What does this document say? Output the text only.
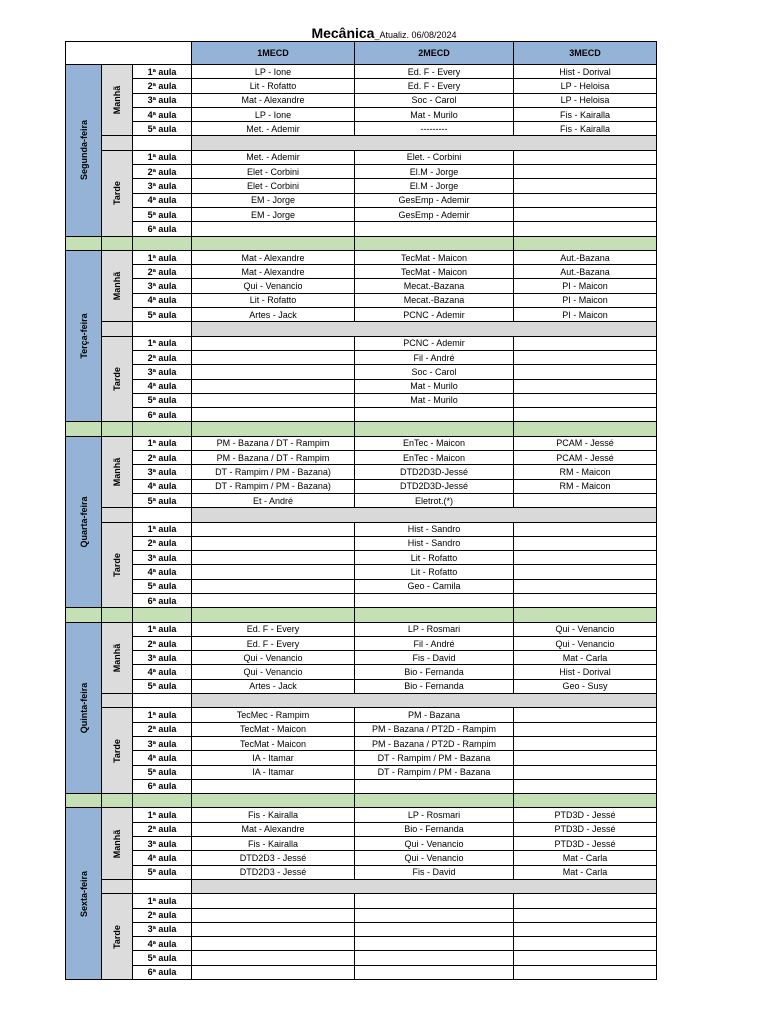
Mecânica_Atualiz. 06/08/2024
			1MECD	2MECD	3MECD

Segunda-feira	Manhã	1ª aula	LP - Ione	Ed. F - Every	Hist - Dorival
		2ª aula	Lit - Rofatto	Ed. F - Every	LP - Heloisa
		3ª aula	Mat - Alexandre	Soc - Carol	LP - Heloisa
		4ª aula	LP - Ione	Mat - Murilo	Fis - Kairalla
		5ª aula	Met. - Ademir	---------	Fis - Kairalla

	Tarde	1ª aula	Met. - Ademir	Elet. - Corbini	
		2ª aula	Elet - Corbini	El.M - Jorge	
		3ª aula	Elet - Corbini	El.M - Jorge	
		4ª aula	EM - Jorge	GesEmp - Ademir	
		5ª aula	EM - Jorge	GesEmp - Ademir	
		6ª aula			

Terça-feira	Manhã	1ª aula	Mat - Alexandre	TecMat - Maicon	Aut.-Bazana
		2ª aula	Mat - Alexandre	TecMat - Maicon	Aut.-Bazana
		3ª aula	Qui - Venancio	Mecat.-Bazana	PI - Maicon
		4ª aula	Lit - Rofatto	Mecat.-Bazana	PI - Maicon
		5ª aula	Artes - Jack	PCNC - Ademir	PI - Maicon

	Tarde	1ª aula		PCNC - Ademir	
		2ª aula		Fil - André	
		3ª aula		Soc - Carol	
		4ª aula		Mat - Murilo	
		5ª aula		Mat - Murilo	
		6ª aula			

Quarta-feira	Manhã	1ª aula	PM - Bazana / DT - Rampim	EnTec - Maicon	PCAM - Jessé
		2ª aula	PM - Bazana / DT - Rampim	EnTec - Maicon	PCAM - Jessé
		3ª aula	DT - Rampim / PM - Bazana)	DTD2D3D-Jessé	RM - Maicon
		4ª aula	DT - Rampim / PM - Bazana)	DTD2D3D-Jessé	RM - Maicon
		5ª aula	Et - André	Eletrot.(*)	

	Tarde	1ª aula		Hist - Sandro	
		2ª aula		Hist - Sandro	
		3ª aula		Lit - Rofatto	
		4ª aula		Lit - Rofatto	
		5ª aula		Geo - Camila	
		6ª aula			

Quinta-feira	Manhã	1ª aula	Ed. F - Every	LP - Rosmari	Qui - Venancio
		2ª aula	Ed. F - Every	Fil - André	Qui - Venancio
		3ª aula	Qui - Venancio	Fis - David	Mat - Carla
		4ª aula	Qui - Venancio	Bio - Fernanda	Hist - Dorival
		5ª aula	Artes - Jack	Bio - Fernanda	Geo - Susy

	Tarde	1ª aula	TecMec - Rampim	PM - Bazana	
		2ª aula	TecMat - Maicon	PM - Bazana / PT2D - Rampim	
		3ª aula	TecMat - Maicon	PM - Bazana / PT2D - Rampim	
		4ª aula	IA - Itamar	DT - Rampim / PM - Bazana	
		5ª aula	IA - Itamar	DT - Rampim / PM - Bazana	
		6ª aula			

Sexta-feira	Manhã	1ª aula	Fis - Kairalla	LP - Rosmari	PTD3D - Jessé
		2ª aula	Mat - Alexandre	Bio - Fernanda	PTD3D - Jessé
		3ª aula	Fis - Kairalla	Qui - Venancio	PTD3D - Jessé
		4ª aula	DTD2D3 - Jessé	Qui - Venancio	Mat - Carla
		5ª aula	DTD2D3 - Jessé	Fis - David	Mat - Carla

	Tarde	1ª aula			
		2ª aula			
		3ª aula			
		4ª aula			
		5ª aula			
		6ª aula			
